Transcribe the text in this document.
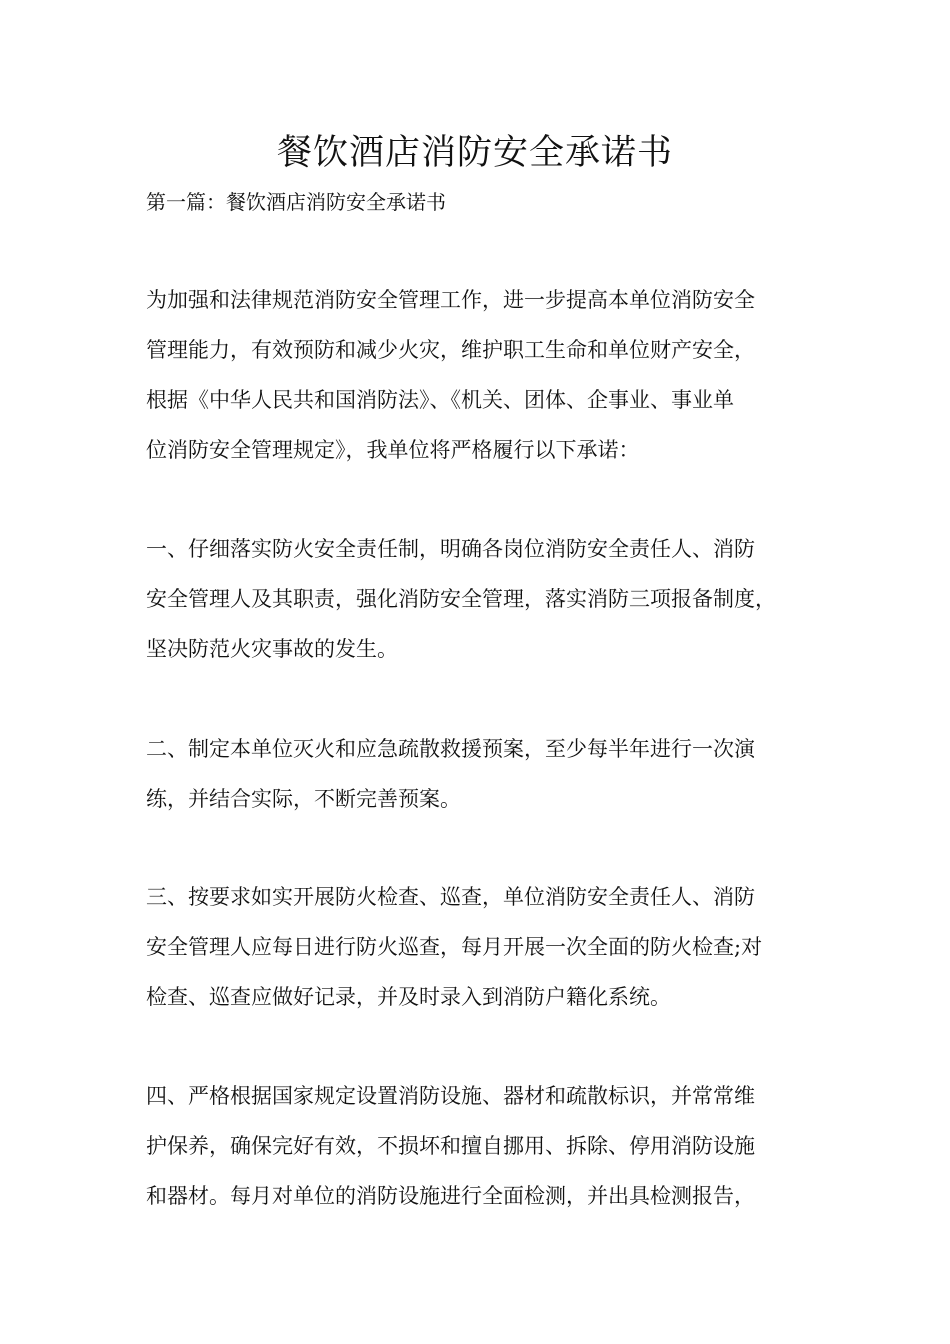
餐饮酒店消防安全承诺书

第一篇：餐饮酒店消防安全承诺书

为加强和法律规范消防安全管理工作，进一步提高本单位消防安全
管理能力，有效预防和减少火灾，维护职工生命和单位财产安全，
根据《中华人民共和国消防法》、《机关、团体、企事业、事业单
位消防安全管理规定》，我单位将严格履行以下承诺：

一、仔细落实防火安全责任制，明确各岗位消防安全责任人、消防
安全管理人及其职责，强化消防安全管理，落实消防三项报备制度，
坚决防范火灾事故的发生。

二、制定本单位灭火和应急疏散救援预案，至少每半年进行一次演
练，并结合实际，不断完善预案。

三、按要求如实开展防火检查、巡查，单位消防安全责任人、消防
安全管理人应每日进行防火巡查，每月开展一次全面的防火检查;对
检查、巡查应做好记录，并及时录入到消防户籍化系统。

四、严格根据国家规定设置消防设施、器材和疏散标识，并常常维
护保养，确保完好有效，不损坏和擅自挪用、拆除、停用消防设施
和器材。每月对单位的消防设施进行全面检测，并出具检测报告，
